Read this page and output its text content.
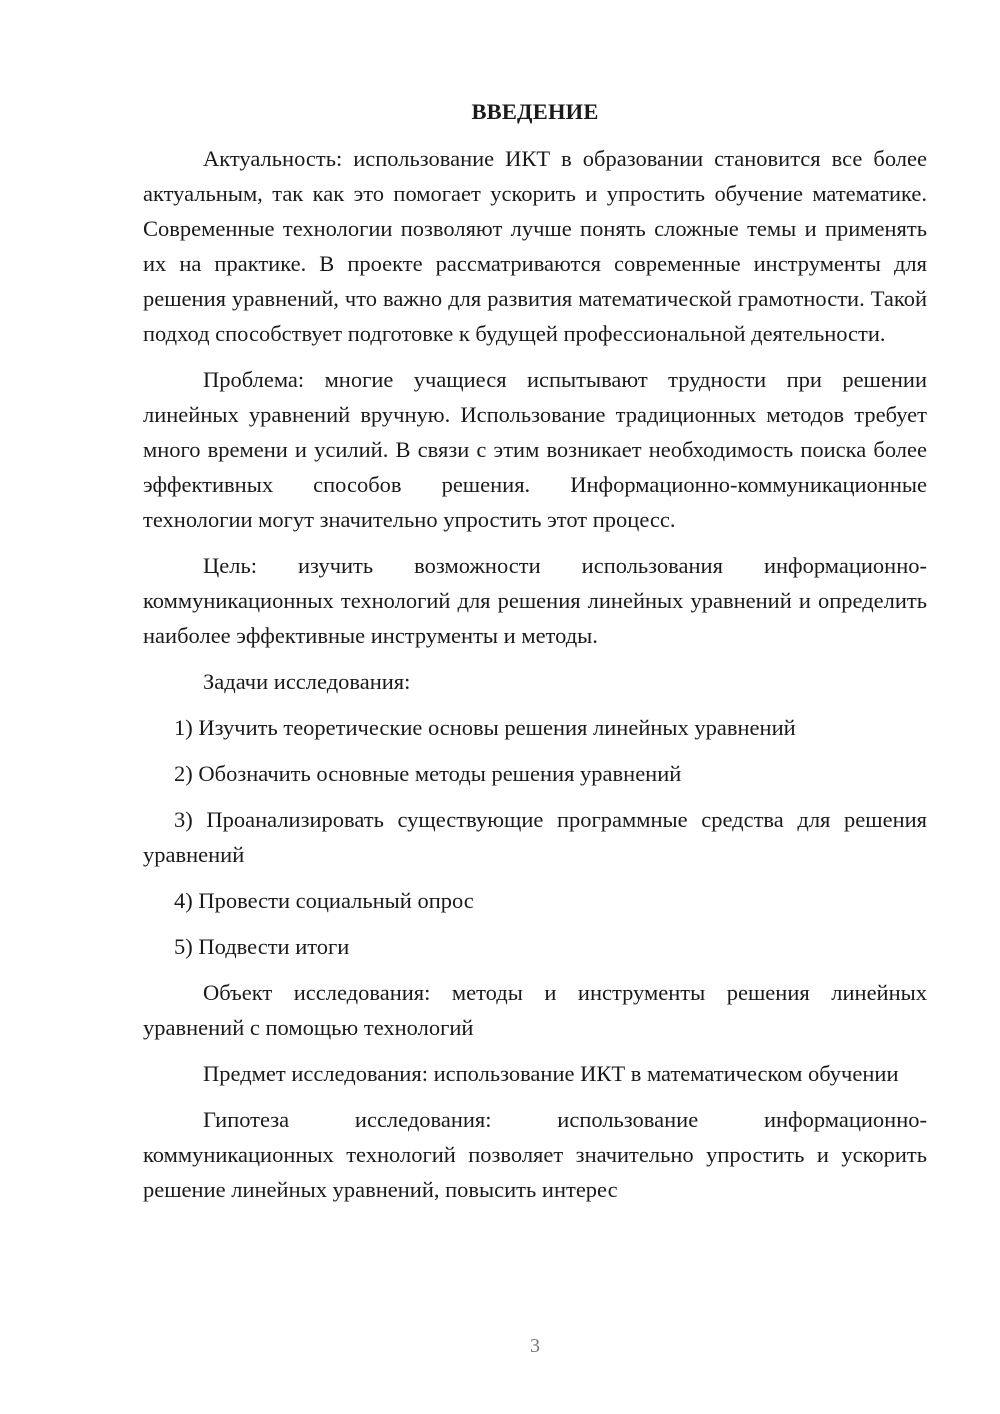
ВВЕДЕНИЕ

Актуальность: использование ИКТ в образовании становится все более актуальным, так как это помогает ускорить и упростить обучение математике. Современные технологии позволяют лучше понять сложные темы и применять их на практике. В проекте рассматриваются современные инструменты для решения уравнений, что важно для развития математической грамотности. Такой подход способствует подготовке к будущей профессиональной деятельности.

Проблема: многие учащиеся испытывают трудности при решении линейных уравнений вручную. Использование традиционных методов требует много времени и усилий. В связи с этим возникает необходимость поиска более эффективных способов решения. Информационно-коммуникационные технологии могут значительно упростить этот процесс.

Цель: изучить возможности использования информационно-коммуникационных технологий для решения линейных уравнений и определить наиболее эффективные инструменты и методы.

Задачи исследования:

1) Изучить теоретические основы решения линейных уравнений

2) Обозначить основные методы решения уравнений

3) Проанализировать существующие программные средства для решения уравнений

4) Провести социальный опрос

5) Подвести итоги

Объект исследования: методы и инструменты решения линейных уравнений с помощью технологий

Предмет исследования: использование ИКТ в математическом обучении

Гипотеза исследования: использование информационно-коммуникационных технологий позволяет значительно упростить и ускорить решение линейных уравнений, повысить интерес

3
